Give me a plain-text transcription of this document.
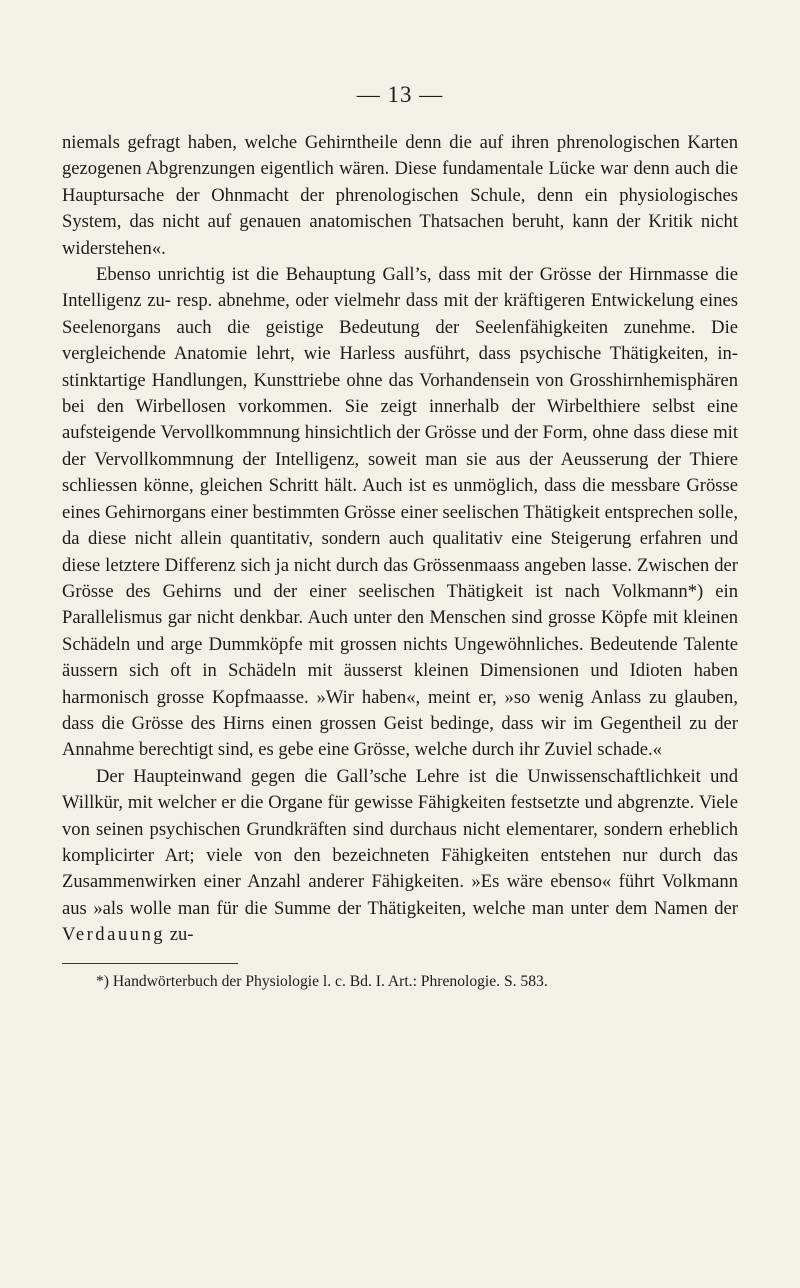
— 13 —

niemals gefragt haben, welche Gehirntheile denn die auf ihren phrenologischen Karten gezogenen Abgrenzungen eigentlich wären. Diese fundamentale Lücke war denn auch die Hauptursache der Ohnmacht der phrenologischen Schule, denn ein physiologisches System, das nicht auf genauen anatomischen Thatsachen beruht, kann der Kritik nicht widerstehen«.

Ebenso unrichtig ist die Behauptung Gall’s, dass mit der Grösse der Hirnmasse die Intelligenz zu- resp. abnehme, oder vielmehr dass mit der kräftigeren Entwickelung eines Seelenorgans auch die geistige Bedeutung der Seelenfähigkeiten zunehme. Die vergleichende Anatomie lehrt, wie Harless ausführt, dass psychische Thätigkeiten, instinktartige Handlungen, Kunsttriebe ohne das Vorhandensein von Grosshirnhemisphären bei den Wirbellosen vorkommen. Sie zeigt innerhalb der Wirbelthiere selbst eine aufsteigende Vervollkommnung hinsichtlich der Grösse und der Form, ohne dass diese mit der Vervollkommnung der Intelligenz, soweit man sie aus der Aeusserung der Thiere schliessen könne, gleichen Schritt hält. Auch ist es unmöglich, dass die messbare Grösse eines Gehirnorgans einer bestimmten Grösse einer seelischen Thätigkeit entsprechen solle, da diese nicht allein quantitativ, sondern auch qualitativ eine Steigerung erfahren und diese letztere Differenz sich ja nicht durch das Grössenmaass angeben lasse. Zwischen der Grösse des Gehirns und der einer seelischen Thätigkeit ist nach Volkmann*) ein Parallelismus gar nicht denkbar. Auch unter den Menschen sind grosse Köpfe mit kleinen Schädeln und arge Dummköpfe mit grossen nichts Ungewöhnliches. Bedeutende Talente äussern sich oft in Schädeln mit äusserst kleinen Dimensionen und Idioten haben harmonisch grosse Kopfmaasse. »Wir haben«, meint er, »so wenig Anlass zu glauben, dass die Grösse des Hirns einen grossen Geist bedinge, dass wir im Gegentheil zu der Annahme berechtigt sind, es gebe eine Grösse, welche durch ihr Zuviel schade.«

Der Haupteinwand gegen die Gall’sche Lehre ist die Unwissenschaftlichkeit und Willkür, mit welcher er die Organe für gewisse Fähigkeiten festsetzte und abgrenzte. Viele von seinen psychischen Grundkräften sind durchaus nicht elementarer, sondern erheblich komplicirter Art; viele von den bezeichneten Fähigkeiten entstehen nur durch das Zusammenwirken einer Anzahl anderer Fähigkeiten. »Es wäre ebenso« führt Volkmann aus »als wolle man für die Summe der Thätigkeiten, welche man unter dem Namen der Verdauung zu-

*) Handwörterbuch der Physiologie l. c. Bd. I. Art.: Phrenologie. S. 583.
